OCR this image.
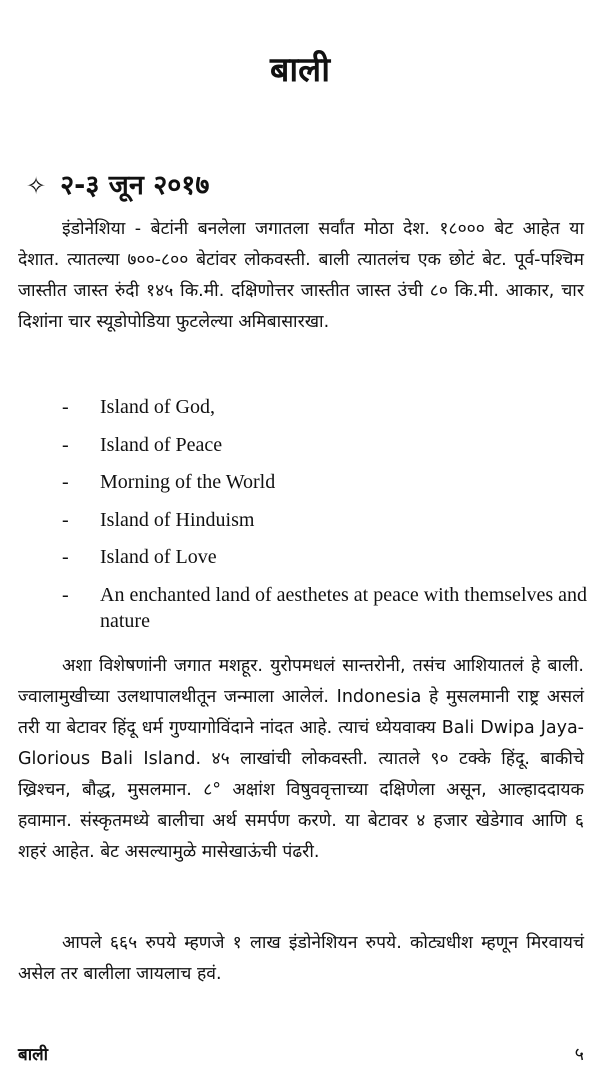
बाली
✧ २-३ जून २०१७

इंडोनेशिया - बेटांनी बनलेला जगातला सर्वांत मोठा देश. १८००० बेट आहेत या देशात. त्यातल्या ७००-८०० बेटांवर लोकवस्ती. बाली त्यातलंच एक छोटं बेट. पूर्व-पश्चिम जास्तीत जास्त रुंदी १४५ कि.मी. दक्षिणोत्तर जास्तीत जास्त उंची ८० कि.मी. आकार, चार दिशांना चार स्यूडोपोडिया फुटलेल्या अमिबासारखा.

-	Island of God,
-	Island of Peace
-	Morning of the World
-	Island of Hinduism
-	Island of Love
-	An enchanted land of aesthetes at peace with themselves and nature

अशा विशेषणांनी जगात मशहूर. युरोपमधलं सान्तरोनी, तसंच आशियातलं हे बाली. ज्वालामुखीच्या उलथापालथीतून जन्माला आलेलं. Indonesia हे मुसलमानी राष्ट्र असलं तरी या बेटावर हिंदू धर्म गुण्यागोविंदाने नांदत आहे. त्याचं ध्येयवाक्य Bali Dwipa Jaya-Glorious Bali Island. ४५ लाखांची लोकवस्ती. त्यातले ९० टक्के हिंदू. बाकीचे ख्रिश्चन, बौद्ध, मुसलमान. ८° अक्षांश विषुववृत्ताच्या दक्षिणेला असून, आल्हाददायक हवामान. संस्कृतमध्ये बालीचा अर्थ समर्पण करणे. या बेटावर ४ हजार खेडेगाव आणि ६ शहरं आहेत. बेट असल्यामुळे मासेखाऊंची पंढरी.

आपले ६६५ रुपये म्हणजे १ लाख इंडोनेशियन रुपये. कोट्यधीश म्हणून मिरवायचं असेल तर बालीला जायलाच हवं.

बाली	५
